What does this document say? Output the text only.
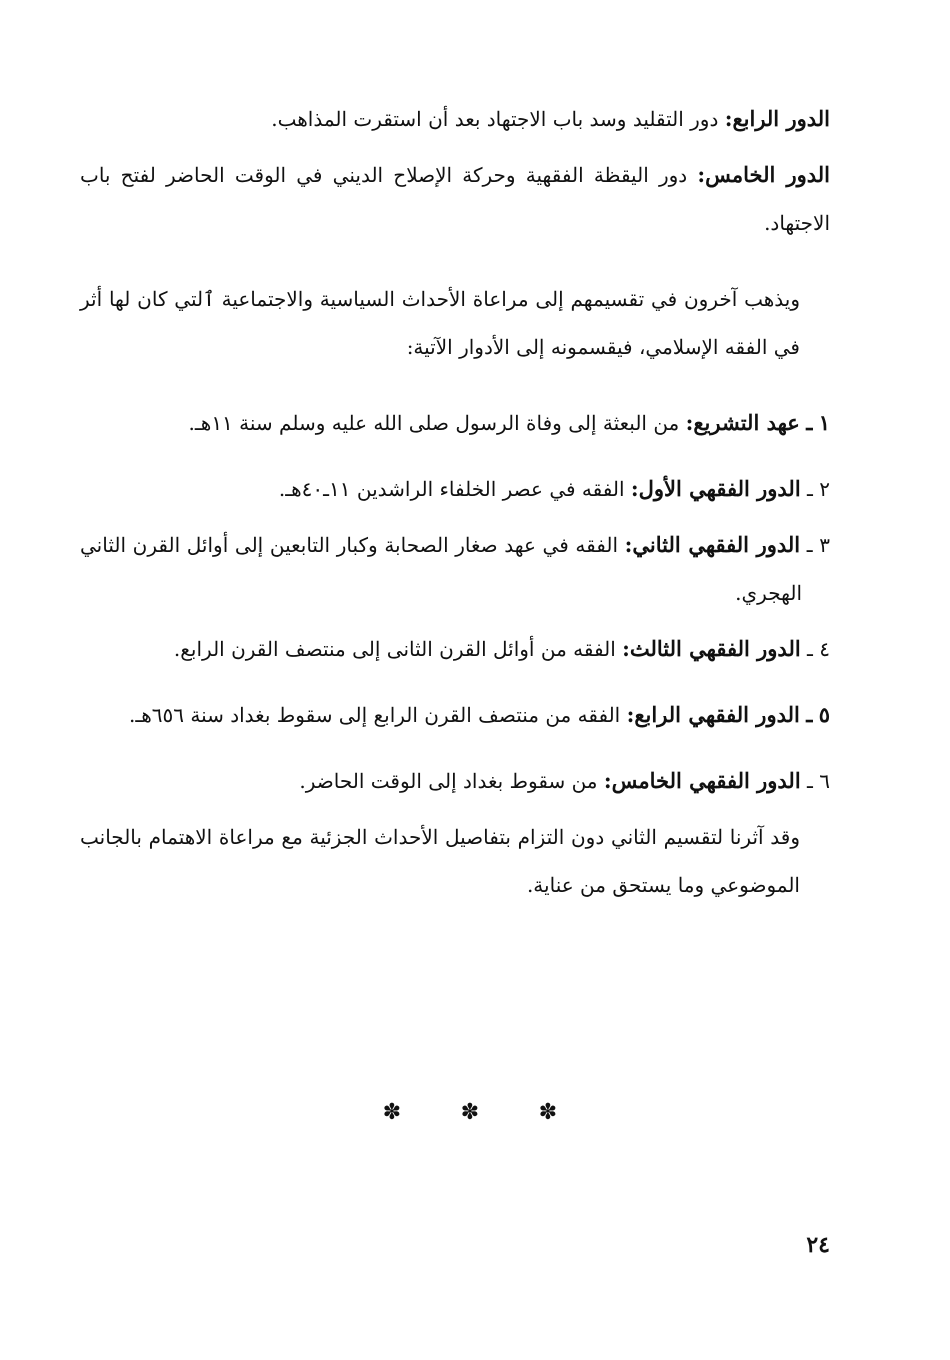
الدور الرابع: دور التقليد وسد باب الاجتهاد بعد أن استقرت المذاهب.

الدور الخامس: دور اليقظة الفقهية وحركة الإصلاح الديني في الوقت الحاضر لفتح باب الاجتهاد.

ويذهب آخرون في تقسيمهم إلى مراعاة الأحداث السياسية والاجتماعية ٱلتي كان لها أثر في الفقه الإسلامي، فيقسمونه إلى الأدوار الآتية:

١ ـ عهد التشريع: من البعثة إلى وفاة الرسول صلى الله عليه وسلم سنة ١١هـ.

٢ ـ الدور الفقهي الأول: الفقه في عصر الخلفاء الراشدين ١١ـ٤٠هـ.

٣ ـ الدور الفقهي الثاني: الفقه في عهد صغار الصحابة وكبار التابعين إلى أوائل القرن الثاني الهجري.

٤ ـ الدور الفقهي الثالث: الفقه من أوائل القرن الثانى إلى منتصف القرن الرابع.

٥ ـ الدور الفقهي الرابع: الفقه من منتصف القرن الرابع إلى سقوط بغداد سنة ٦٥٦هـ.

٦ ـ الدور الفقهي الخامس: من سقوط بغداد إلى الوقت الحاضر.

وقد آثرنا لتقسيم الثاني دون التزام بتفاصيل الأحداث الجزئية مع مراعاة الاهتمام بالجانب الموضوعي وما يستحق من عناية.

✽	✽	✽
٢٤
